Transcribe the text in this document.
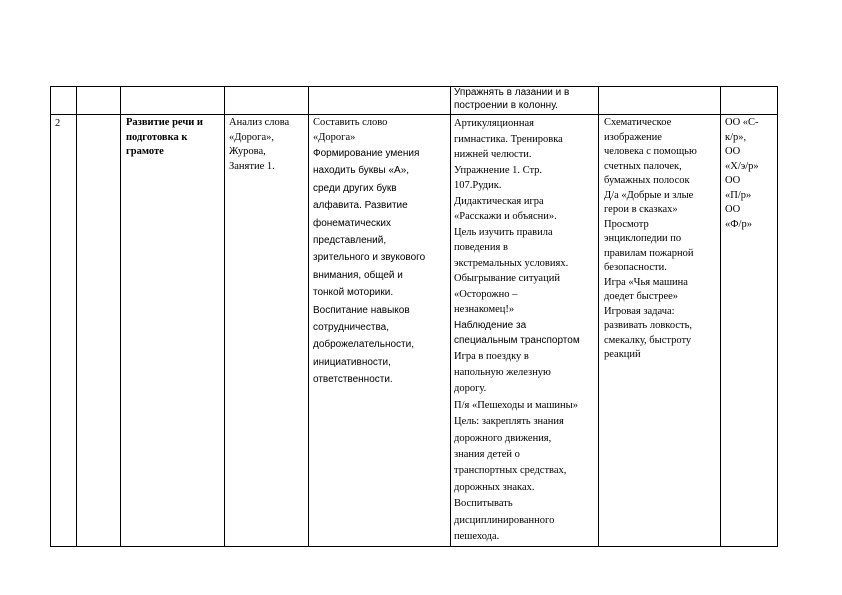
Упражнять в лазании и в
построении в колонну.
2	Развитие речи и
подготовка к
грамоте
Анализ слова
«Дорога»,
Журова,
Занятие 1.
Составить слово
«Дорога»
Формирование умения
находить буквы «А»,
среди других букв
алфавита. Развитие
фонематических
представлений,
зрительного и звукового
внимания, общей и
тонкой моторики.
Воспитание навыков
сотрудничества,
доброжелательности,
инициативности,
ответственности.
Артикуляционная
гимнастика. Тренировка
нижней челюсти.
Упражнение 1. Стр.
107.Рудик.
Дидактическая игра
«Расскажи и объясни».
Цель изучить правила
поведения в
экстремальных условиях.
Обыгрывание ситуаций
«Осторожно –
незнакомец!»
Наблюдение за
специальным транспортом
Игра в поездку в
напольную железную
дорогу.
П/я «Пешеходы и машины»
Цель: закреплять знания
дорожного движения,
знания детей о
транспортных средствах,
дорожных знаках.
Воспитывать
дисциплинированного
пешехода.
Схематическое
изображение
человека с помощью
счетных палочек,
бумажных полосок
Д/а «Добрые и злые
герои в сказках»
Просмотр
энциклопедии по
правилам пожарной
безопасности.
Игра «Чья машина
доедет быстрее»
Игровая задача:
развивать ловкость,
смекалку, быстроту
реакций
ОО «С-
к/р»,
ОО
«Х/э/р»
ОО
«П/р»
ОО
«Ф/р»
